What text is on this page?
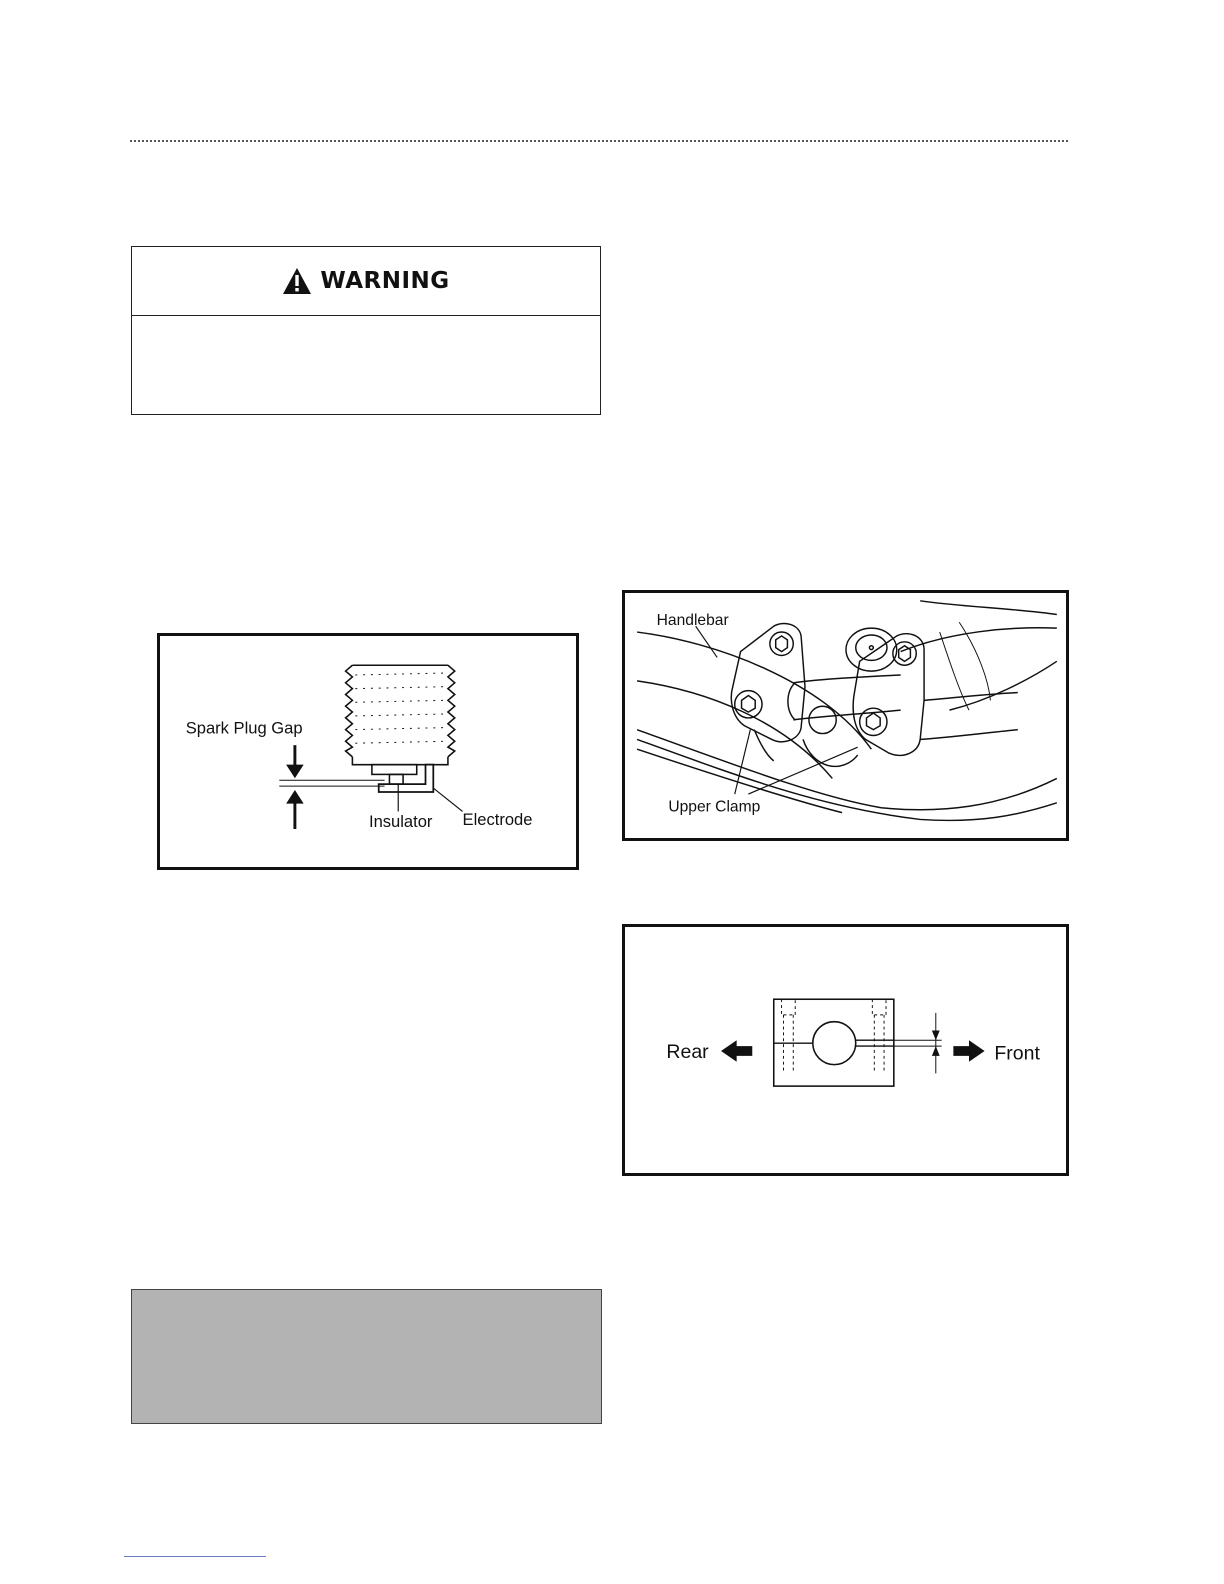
WARNING
Spark Plug Gap
Insulator Electrode
Handlebar
Upper Clamp
Rear	Front
